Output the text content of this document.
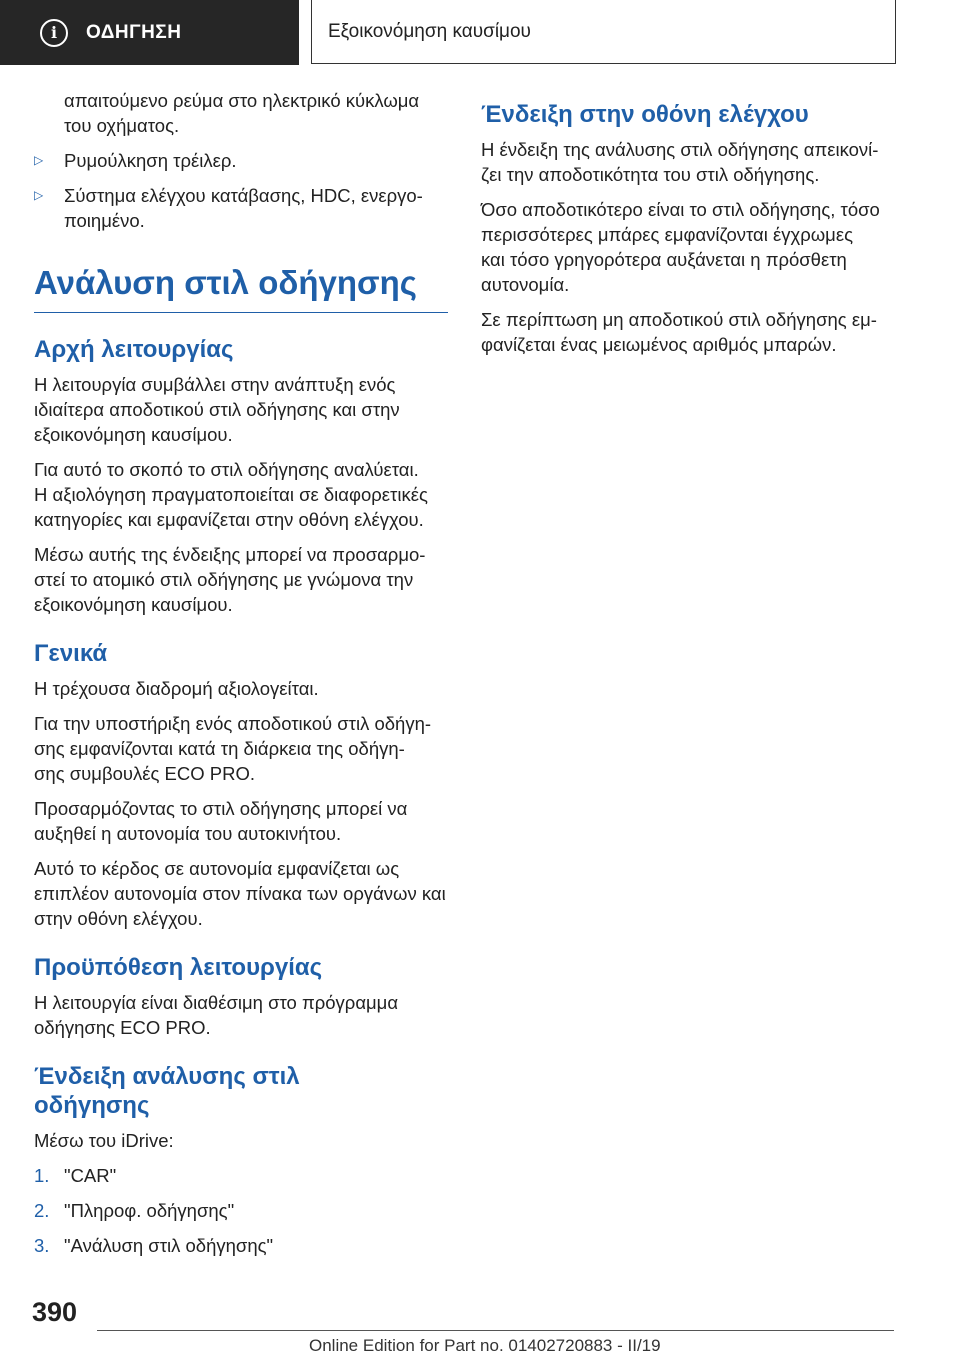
i	ΟΔΗΓΗΣΗ	Εξοικονόμηση καυσίμου

απαιτούμενο ρεύμα στο ηλεκτρικό κύκλωμα
του οχήματος.

▷ Ρυμούλκηση τρέιλερ.
▷ Σύστημα ελέγχου κατάβασης, HDC, ενεργο-
ποιημένο.
Ανάλυση στιλ οδήγησης
Αρχή λειτουργίας

Η λειτουργία συμβάλλει στην ανάπτυξη ενός
ιδιαίτερα αποδοτικού στιλ οδήγησης και στην
εξοικονόμηση καυσίμου.

Για αυτό το σκοπό το στιλ οδήγησης αναλύεται.
Η αξιολόγηση πραγματοποιείται σε διαφορετικές
κατηγορίες και εμφανίζεται στην οθόνη ελέγχου.

Μέσω αυτής της ένδειξης μπορεί να προσαρμο-
στεί το ατομικό στιλ οδήγησης με γνώμονα την
εξοικονόμηση καυσίμου.

Γενικά

Η τρέχουσα διαδρομή αξιολογείται.

Για την υποστήριξη ενός αποδοτικού στιλ οδήγη-
σης εμφανίζονται κατά τη διάρκεια της οδήγη-
σης συμβουλές ECO PRO.

Προσαρμόζοντας το στιλ οδήγησης μπορεί να
αυξηθεί η αυτονομία του αυτοκινήτου.

Αυτό το κέρδος σε αυτονομία εμφανίζεται ως
επιπλέον αυτονομία στον πίνακα των οργάνων και
στην οθόνη ελέγχου.

Προϋπόθεση λειτουργίας

Η λειτουργία είναι διαθέσιμη στο πρόγραμμα
οδήγησης ECO PRO.

Ένδειξη ανάλυσης στιλ
οδήγησης

Μέσω του iDrive:

1. "CAR"
2. "Πληροφ. οδήγησης"
3. "Ανάλυση στιλ οδήγησης"
Ένδειξη στην οθόνη ελέγχου

Η ένδειξη της ανάλυσης στιλ οδήγησης απεικονί-
ζει την αποδοτικότητα του στιλ οδήγησης.

Όσο αποδοτικότερο είναι το στιλ οδήγησης, τόσο
περισσότερες μπάρες εμφανίζονται έγχρωμες
και τόσο γρηγορότερα αυξάνεται η πρόσθετη
αυτονομία.

Σε περίπτωση μη αποδοτικού στιλ οδήγησης εμ-
φανίζεται ένας μειωμένος αριθμός μπαρών.

390
Online Edition for Part no. 01402720883 - II/19
